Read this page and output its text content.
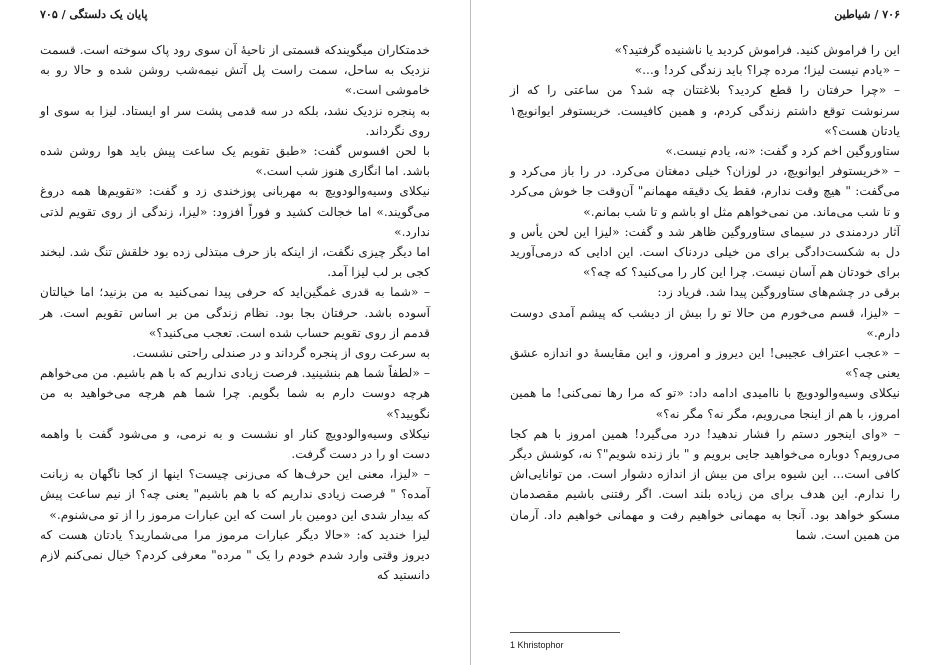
پایان یک دلستگی / ۷۰۵

خدمتکاران میگویندکه قسمتی از ناحیهٔ آن سوی رود پاک سوخته است. قسمت نزدیک به ساحل، سمت راست پل آتش نیمه‌شب روشن شده و حالا رو به خاموشی است.»

به پنجره نزدیک نشد، بلکه در سه قدمی پشت سر او ایستاد. لیزا به سوی او روی نگرداند.

با لحن افسوس گفت: «طبق تقویم یک ساعت پیش باید هوا روشن شده باشد. اما انگاری هنوز شب است.»

نیکلای وسیه‌والودویچ به مهربانی پوزخندی زد و گفت: «تقویم‌ها همه دروغ می‌گویند.» اما خجالت کشید و فوراً افزود: «لیزا، زندگی از روی تقویم لذتی ندارد.»

اما دیگر چیزی نگفت، از اینکه باز حرف مبتذلی زده بود خلقش تنگ شد. لبخند کجی بر لب لیزا آمد.

– «شما به قدری غمگین‌اید که حرفی پیدا نمی‌کنید به من بزنید؛ اما خیالتان آسوده باشد. حرفتان بجا بود. نظام زندگی من بر اساس تقویم است. هر قدمم از روی تقویم حساب شده است. تعجب می‌کنید؟»

به سرعت روی از پنجره گرداند و در صندلی راحتی نشست.

– «لطفاً شما هم بنشینید. فرصت زیادی نداریم که با هم باشیم. من می‌خواهم هرچه دوست دارم به شما بگویم. چرا شما هم هرچه می‌خواهید به من نگویید؟»

نیکلای وسیه‌والودویچ کنار او نشست و به نرمی، و می‌شود گفت با واهمه دست او را در دست گرفت.

– «لیزا، معنی این حرف‌ها که می‌زنی چیست؟ اینها از کجا ناگهان به زبانت آمده؟ " فرصت زیادی نداریم که با هم باشیم" یعنی چه؟ از نیم ساعت پیش که بیدار شدی این دومین بار است که این عبارات مرموز را از تو می‌شنوم.»

لیزا خندید که: «حالا دیگر عبارات مرموز مرا می‌شمارید؟ یادتان هست که دیروز وقتی وارد شدم خودم را یک " مرده" معرفی کردم؟ خیال نمی‌کنم لازم دانستید که

۷۰۶ / شیاطین

این را فراموش کنید. فراموش کردید یا ناشنیده گرفتید؟»

– «یادم نیست لیزا؛ مرده چرا؟ باید زندگی کرد! و...»

– «چرا حرفتان را قطع کردید؟ بلاغتتان چه شد؟ من ساعتی را که از سرنوشت توقع داشتم زندگی کردم، و همین کافیست. خریستوفر ایوانویچ۱ یادتان هست؟»

ستاوروگین اخم کرد و گفت: «نه، یادم نیست.»

– «خریستوفر ایوانویچ، در لوزان؟ خیلی دمغتان می‌کرد. در را باز می‌کرد و می‌گفت: " هیچ وقت ندارم، فقط یک دقیقه مهمانم" آن‌وقت جا خوش می‌کرد و تا شب می‌ماند. من نمی‌خواهم مثل او باشم و تا شب بمانم.»

آثار دردمندی در سیمای ستاوروگین ظاهر شد و گفت: «لیزا این لحن یأس و دل به شکست‌دادگی برای من خیلی دردناک است. این ادایی که درمی‌آورید برای خودتان هم آسان نیست. چرا این کار را می‌کنید؟ که چه؟»

برقی در چشم‌های ستاوروگین پیدا شد. فریاد زد:

– «لیزا، قسم می‌خورم من حالا تو را بیش از دیشب که پیشم آمدی دوست دارم.»

– «عجب اعتراف عجیبی! این دیروز و امروز، و این مقایسهٔ دو اندازه عشق یعنی چه؟»

نیکلای وسیه‌والودویچ با ناامیدی ادامه داد: «تو که مرا رها نمی‌کنی! ما همین امروز، با هم از اینجا می‌رویم، مگر نه؟ مگر نه؟»

– «وای اینجور دستم را فشار ندهید! درد می‌گیرد! همین امروز با هم کجا می‌رویم؟ دوباره می‌خواهید جایی برویم و " باز زنده شویم"؟ نه، کوشش دیگر کافی است... این شیوه برای من بیش از اندازه دشوار است. من توانایی‌اش را ندارم. این هدف برای من زیاده بلند است. اگر رفتنی باشیم مقصدمان مسکو خواهد بود. آنجا به مهمانی خواهیم رفت و مهمانی خواهیم داد. آرمان من همین است. شما

1 Khristophor
